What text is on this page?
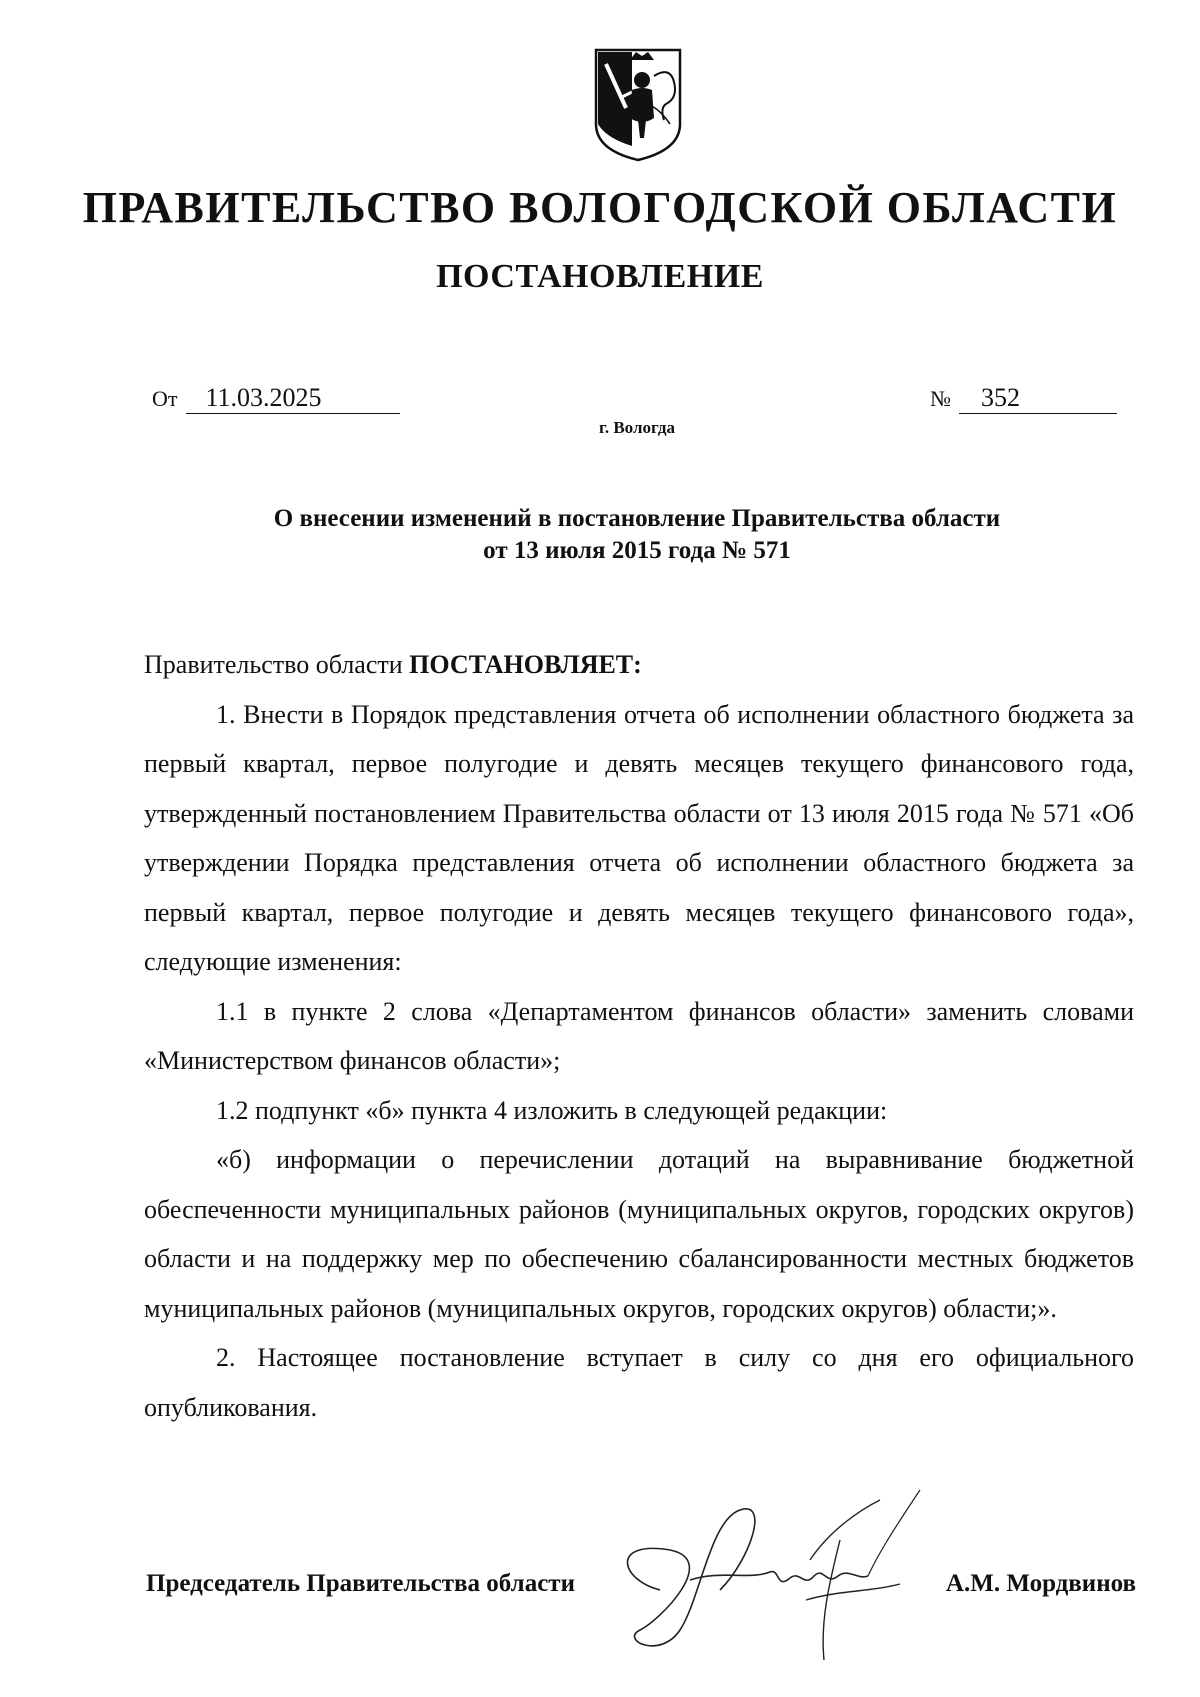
ПРАВИТЕЛЬСТВО ВОЛОГОДСКОЙ ОБЛАСТИ
ПОСТАНОВЛЕНИЕ
От 11.03.2025	№ 352
г. Вологда
О внесении изменений в постановление Правительства области
от 13 июля 2015 года № 571

Правительство области ПОСТАНОВЛЯЕТ:

1. Внести в Порядок представления отчета об исполнении областного бюджета за первый квартал, первое полугодие и девять месяцев текущего финансового года, утвержденный постановлением Правительства области от 13 июля 2015 года № 571 «Об утверждении Порядка представления отчета об исполнении областного бюджета за первый квартал, первое полугодие и девять месяцев текущего финансового года», следующие изменения:

1.1 в пункте 2 слова «Департаментом финансов области» заменить словами «Министерством финансов области»;

1.2 подпункт «б» пункта 4 изложить в следующей редакции:

«б) информации о перечислении дотаций на выравнивание бюджетной обеспеченности муниципальных районов (муниципальных округов, городских округов) области и на поддержку мер по обеспечению сбалансированности местных бюджетов муниципальных районов (муниципальных округов, городских округов) области;».

2. Настоящее постановление вступает в силу со дня его официального опубликования.

Председатель Правительства области	А.М. Мордвинов
